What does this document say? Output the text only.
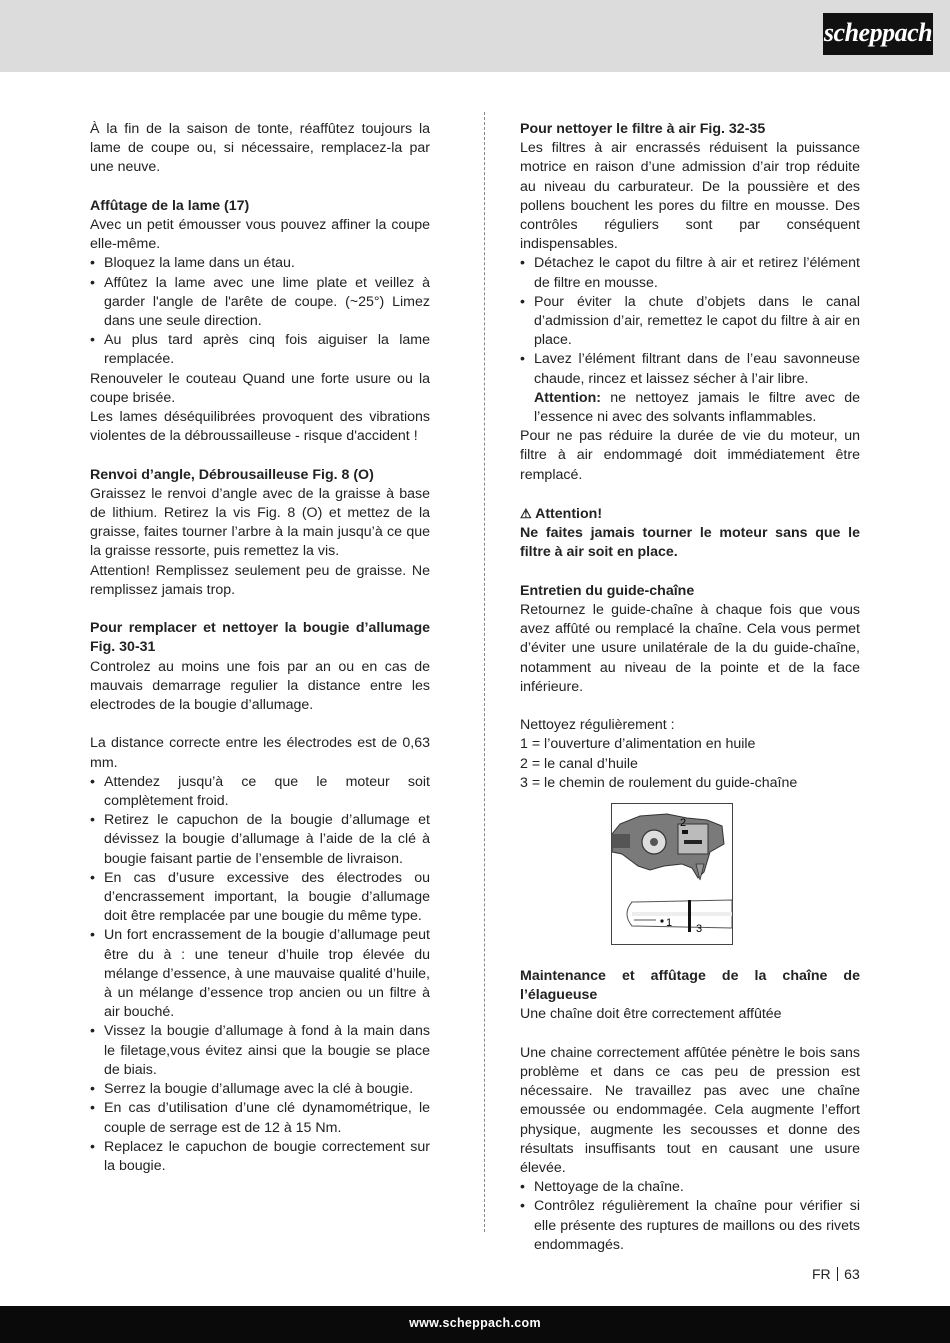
scheppach

À la fin de la saison de tonte, réaffûtez toujours la lame de coupe ou, si nécessaire, remplacez-la par une neuve.

Affûtage de la lame (17)

Avec un petit émousser vous pouvez affiner la coupe elle-même.

• Bloquez la lame dans un étau.
• Affûtez la lame avec une lime plate et veillez à garder l'angle de l'arête de coupe. (~25°) Limez dans une seule direction.
• Au plus tard après cinq fois aiguiser la lame remplacée.

Renouveler le couteau Quand une forte usure ou la coupe brisée.

Les lames déséquilibrées provoquent des vibrations violentes de la débroussailleuse - risque d'accident !

Renvoi d’angle, Débrousailleuse Fig. 8 (O)

Graissez le renvoi d’angle avec de la graisse à base de lithium. Retirez la vis Fig. 8 (O) et mettez de la graisse, faites tourner l’arbre à la main jusqu’à ce que la graisse ressorte, puis remettez la vis.

Attention! Remplissez seulement peu de graisse. Ne remplissez jamais trop.

Pour remplacer et nettoyer la bougie d’allumage Fig. 30-31

Controlez au moins une fois par an ou en cas de mauvais demarrage regulier la distance entre les electrodes de la bougie d’allumage.

La distance correcte entre les électrodes est de 0,63 mm.

• Attendez jusqu’à ce que le moteur soit complètement froid.
• Retirez le capuchon de la bougie d’allumage et dévissez la bougie d’allumage à l’aide de la clé à bougie faisant partie de l’ensemble de livraison.
• En cas d’usure excessive des électrodes ou d’encrassement important, la bougie d’allumage doit être remplacée par une bougie du même type.
• Un fort encrassement de la bougie d’allumage peut être du à : une teneur d’huile trop élevée du mélange d’essence, à une mauvaise qualité d’huile, à un mélange d’essence trop ancien ou un filtre à air bouché.
• Vissez la bougie d’allumage à fond à la main dans le filetage,vous évitez ainsi que la bougie se place de biais.
• Serrez la bougie d’allumage avec la clé à bougie.
• En cas d’utilisation d’une clé dynamométrique, le couple de serrage est de 12 à 15 Nm.
• Replacez le capuchon de bougie correctement sur la bougie.

Pour nettoyer le filtre à air Fig. 32-35

Les filtres à air encrassés réduisent la puissance motrice en raison d’une admission d’air trop réduite au niveau du carburateur. De la poussière et des pollens bouchent les pores du filtre en mousse. Des contrôles réguliers sont par conséquent indispensables.

• Détachez le capot du filtre à air et retirez l’élément de filtre en mousse.
• Pour éviter la chute d’objets dans le canal d’admission d’air, remettez le capot du filtre à air en place.
• Lavez l’élément filtrant dans de l’eau savonneuse chaude, rincez et laissez sécher à l’air libre.
Attention: ne nettoyez jamais le filtre avec de l’essence ni avec des solvants inflammables.

Pour ne pas réduire la durée de vie du moteur, un filtre à air endommagé doit immédiatement être remplacé.

⚠ Attention!

Ne faites jamais tourner le moteur sans que le filtre à air soit en place.

Entretien du guide-chaîne

Retournez le guide-chaîne à chaque fois que vous avez affûté ou remplacé la chaîne. Cela vous permet d’éviter une usure unilatérale de la du guide-chaîne, notamment au niveau de la pointe et de la face inférieure.

Nettoyez régulièrement :

1 = l’ouverture d’alimentation en huile

2 = le canal d’huile

3 = le chemin de roulement du guide-chaîne

2
1 3

Maintenance et affûtage de la chaîne de l’élagueuse

Une chaîne doit être correctement affûtée

Une chaine correctement affûtée pénètre le bois sans problème et dans ce cas peu de pression est nécessaire. Ne travaillez pas avec une chaîne emoussée ou endommagée. Cela augmente l’effort physique, augmente les secousses et donne des résultats insuffisants tout en causant une usure élevée.

• Nettoyage de la chaîne.
• Contrôlez régulièrement la chaîne pour vérifier si elle présente des ruptures de maillons ou des rivets endommagés.
FR 63
www.scheppach.com
